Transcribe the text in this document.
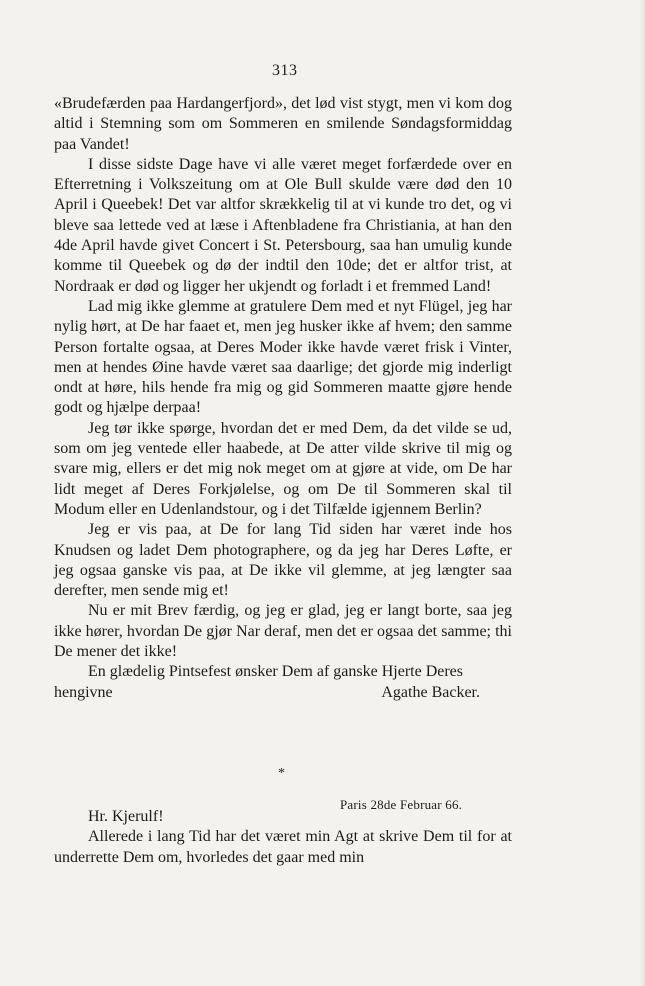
313

«Brudefærden paa Hardangerfjord», det lød vist stygt, men vi kom dog altid i Stemning som om Sommeren en smilende Søndagsformiddag paa Vandet!

I disse sidste Dage have vi alle været meget forfærdede over en Efterretning i Volkszeitung om at Ole Bull skulde være død den 10 April i Queebek! Det var altfor skrækkelig til at vi kunde tro det, og vi bleve saa lettede ved at læse i Aftenbladene fra Christiania, at han den 4de April havde givet Concert i St. Petersbourg, saa han umulig kunde komme til Queebek og dø der indtil den 10de; det er altfor trist, at Nordraak er død og ligger her ukjendt og forladt i et fremmed Land!

Lad mig ikke glemme at gratulere Dem med et nyt Flügel, jeg har nylig hørt, at De har faaet et, men jeg husker ikke af hvem; den samme Person fortalte ogsaa, at Deres Moder ikke havde været frisk i Vinter, men at hendes Øine havde været saa daarlige; det gjorde mig inderligt ondt at høre, hils hende fra mig og gid Sommeren maatte gjøre hende godt og hjælpe derpaa!

Jeg tør ikke spørge, hvordan det er med Dem, da det vilde se ud, som om jeg ventede eller haabede, at De atter vilde skrive til mig og svare mig, ellers er det mig nok meget om at gjøre at vide, om De har lidt meget af Deres Forkjølelse, og om De til Sommeren skal til Modum eller en Udenlandstour, og i det Tilfælde igjennem Berlin?

Jeg er vis paa, at De for lang Tid siden har været inde hos Knudsen og ladet Dem photographere, og da jeg har Deres Løfte, er jeg ogsaa ganske vis paa, at De ikke vil glemme, at jeg længter saa derefter, men sende mig et!

Nu er mit Brev færdig, og jeg er glad, jeg er langt borte, saa jeg ikke hører, hvordan De gjør Nar deraf, men det er ogsaa det samme; thi De mener det ikke!

En glædelig Pintsefest ønsker Dem af ganske Hjerte Deres

hengivne	Agathe Backer.
*
Paris 28de Februar 66.

Hr. Kjerulf!

Allerede i lang Tid har det været min Agt at skrive Dem til for at underrette Dem om, hvorledes det gaar med min
